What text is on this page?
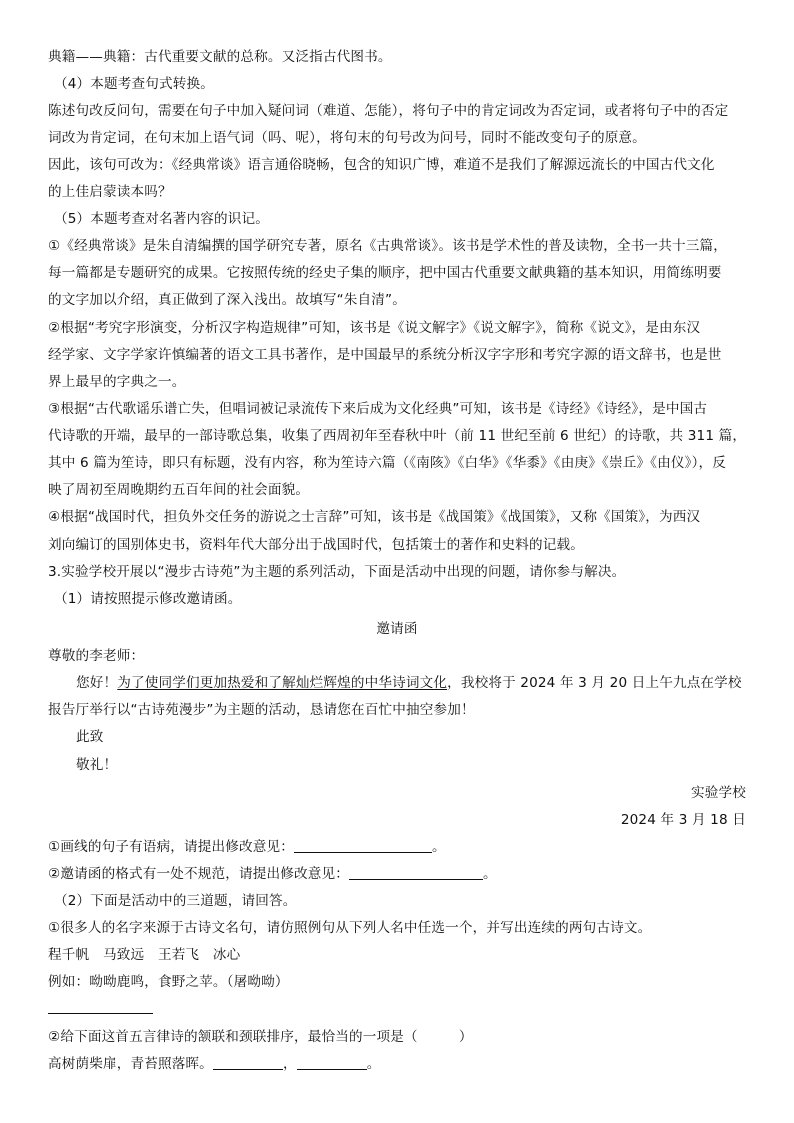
典籍——典籍：古代重要文献的总称。又泛指古代图书。
（4）本题考查句式转换。
陈述句改反问句，需要在句子中加入疑问词（难道、怎能），将句子中的肯定词改为否定词，或者将句子中的否定
词改为肯定词，在句末加上语气词（吗、呢），将句末的句号改为问号，同时不能改变句子的原意。
因此，该句可改为：《经典常谈》语言通俗晓畅，包含的知识广博，难道不是我们了解源远流长的中国古代文化
的上佳启蒙读本吗？
（5）本题考查对名著内容的识记。
①《经典常谈》是朱自清编撰的国学研究专著，原名《古典常谈》。该书是学术性的普及读物，全书一共十三篇，
每一篇都是专题研究的成果。它按照传统的经史子集的顺序，把中国古代重要文献典籍的基本知识，用简练明要
的文字加以介绍，真正做到了深入浅出。故填写“朱自清”。
②根据“考究字形演变，分析汉字构造规律”可知，该书是《说文解字》《说文解字》，简称《说文》，是由东汉
经学家、文字学家许慎编著的语文工具书著作，是中国最早的系统分析汉字字形和考究字源的语文辞书，也是世
界上最早的字典之一。
③根据“古代歌谣乐谱亡失，但唱词被记录流传下来后成为文化经典”可知，该书是《诗经》《诗经》，是中国古
代诗歌的开端，最早的一部诗歌总集，收集了西周初年至春秋中叶（前 11 世纪至前 6 世纪）的诗歌，共 311 篇，
其中 6 篇为笙诗，即只有标题，没有内容，称为笙诗六篇（《南陔》《白华》《华黍》《由庚》《崇丘》《由仪》），反
映了周初至周晚期约五百年间的社会面貌。
④根据“战国时代，担负外交任务的游说之士言辞”可知，该书是《战国策》《战国策》，又称《国策》，为西汉
刘向编订的国别体史书，资料年代大部分出于战国时代，包括策士的著作和史料的记载。
3.实验学校开展以“漫步古诗苑”为主题的系列活动，下面是活动中出现的问题，请你参与解决。
（1）请按照提示修改邀请函。
邀请函
尊敬的李老师：
您好！为了使同学们更加热爱和了解灿烂辉煌的中华诗词文化，我校将于 2024 年 3 月 20 日上午九点在学校
报告厅举行以“古诗苑漫步”为主题的活动，恳请您在百忙中抽空参加！
此致
敬礼！
实验学校
2024 年 3 月 18 日
①画线的句子有语病，请提出修改意见：	。
②邀请函的格式有一处不规范，请提出修改意见：	。
（2）下面是活动中的三道题，请回答。
①很多人的名字来源于古诗文名句，请仿照例句从下列人名中任选一个，并写出连续的两句古诗文。
程千帆　马致远　王若飞　冰心
例如：呦呦鹿鸣，食野之苹。（屠呦呦）
②给下面这首五言律诗的颔联和颈联排序，最恰当的一项是（　　　）
高树荫柴扉，青苔照落晖。	，	。
